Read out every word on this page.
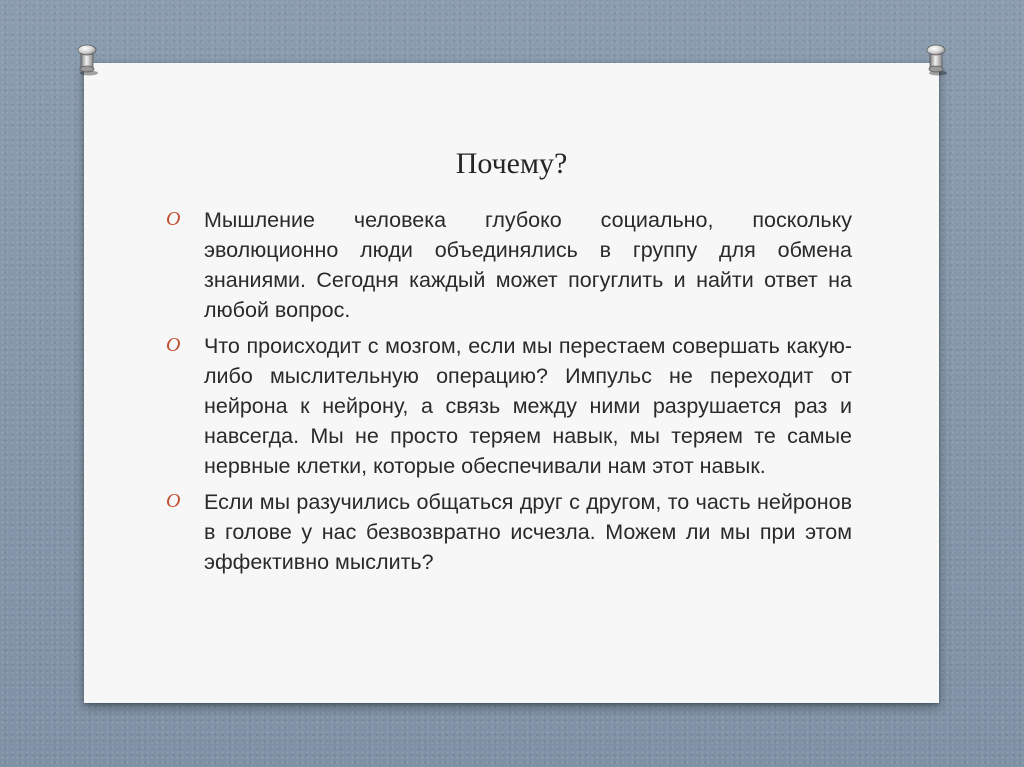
Почему?
O Мышление человека глубоко социально, поскольку эволюционно люди объединялись в группу для обмена знаниями. Сегодня каждый может погуглить и найти ответ на любой вопрос.
O Что происходит с мозгом, если мы перестаем совершать какую-либо мыслительную операцию? Импульс не переходит от нейрона к нейрону, а связь между ними разрушается раз и навсегда. Мы не просто теряем навык, мы теряем те самые нервные клетки, которые обеспечивали нам этот навык.
O Если мы разучились общаться друг с другом, то часть нейронов в голове у нас безвозвратно исчезла. Можем ли мы при этом эффективно мыслить?
